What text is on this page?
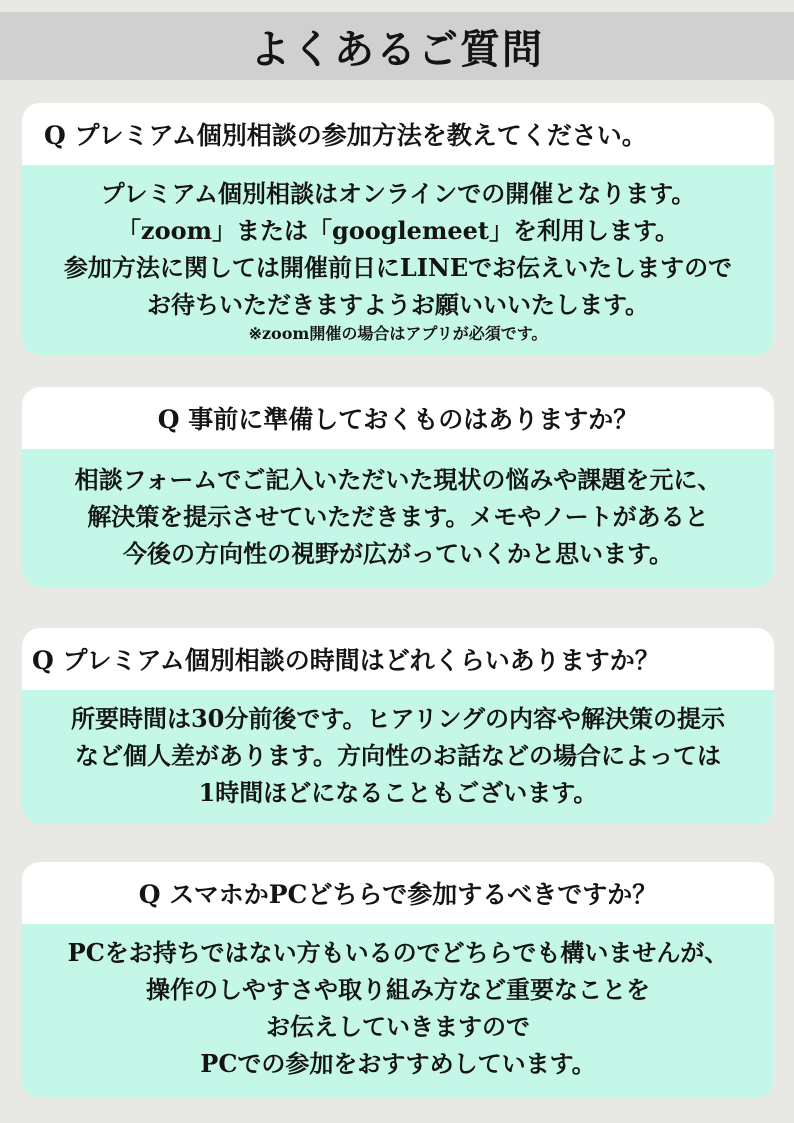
よくあるご質問
Q プレミアム個別相談の参加方法を教えてください。
プレミアム個別相談はオンラインでの開催となります。
「zoom」または「googlemeet」を利用します。
参加方法に関しては開催前日にLINEでお伝えいたしますので
お待ちいただきますようお願いいいたします。
※zoom開催の場合はアプリが必須です。
Q 事前に準備しておくものはありますか？
相談フォームでご記入いただいた現状の悩みや課題を元に、
解決策を提示させていただきます。メモやノートがあると
今後の方向性の視野が広がっていくかと思います。
Q プレミアム個別相談の時間はどれくらいありますか？
所要時間は30分前後です。ヒアリングの内容や解決策の提示
など個人差があります。方向性のお話などの場合によっては
1時間ほどになることもございます。
Q スマホかPCどちらで参加するべきですか？
PCをお持ちではない方もいるのでどちらでも構いませんが、
操作のしやすさや取り組み方など重要なことを
お伝えしていきますので
PCでの参加をおすすめしています。
